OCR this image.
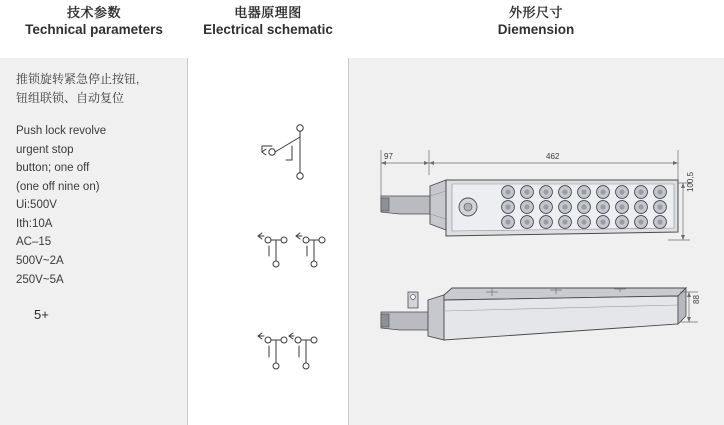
技术参数
Technical parameters
电器原理图
Electrical schematic
外形尺寸
Diemension
推锁旋转紧急停止按钮,
钮组联锁、自动复位
Push lock revolve
urgent stop
button; one off
(one off nine on)
Ui:500V
Ith:10A
AC–15
500V~2A
250V~5A
5+
97	462
100,5
88
